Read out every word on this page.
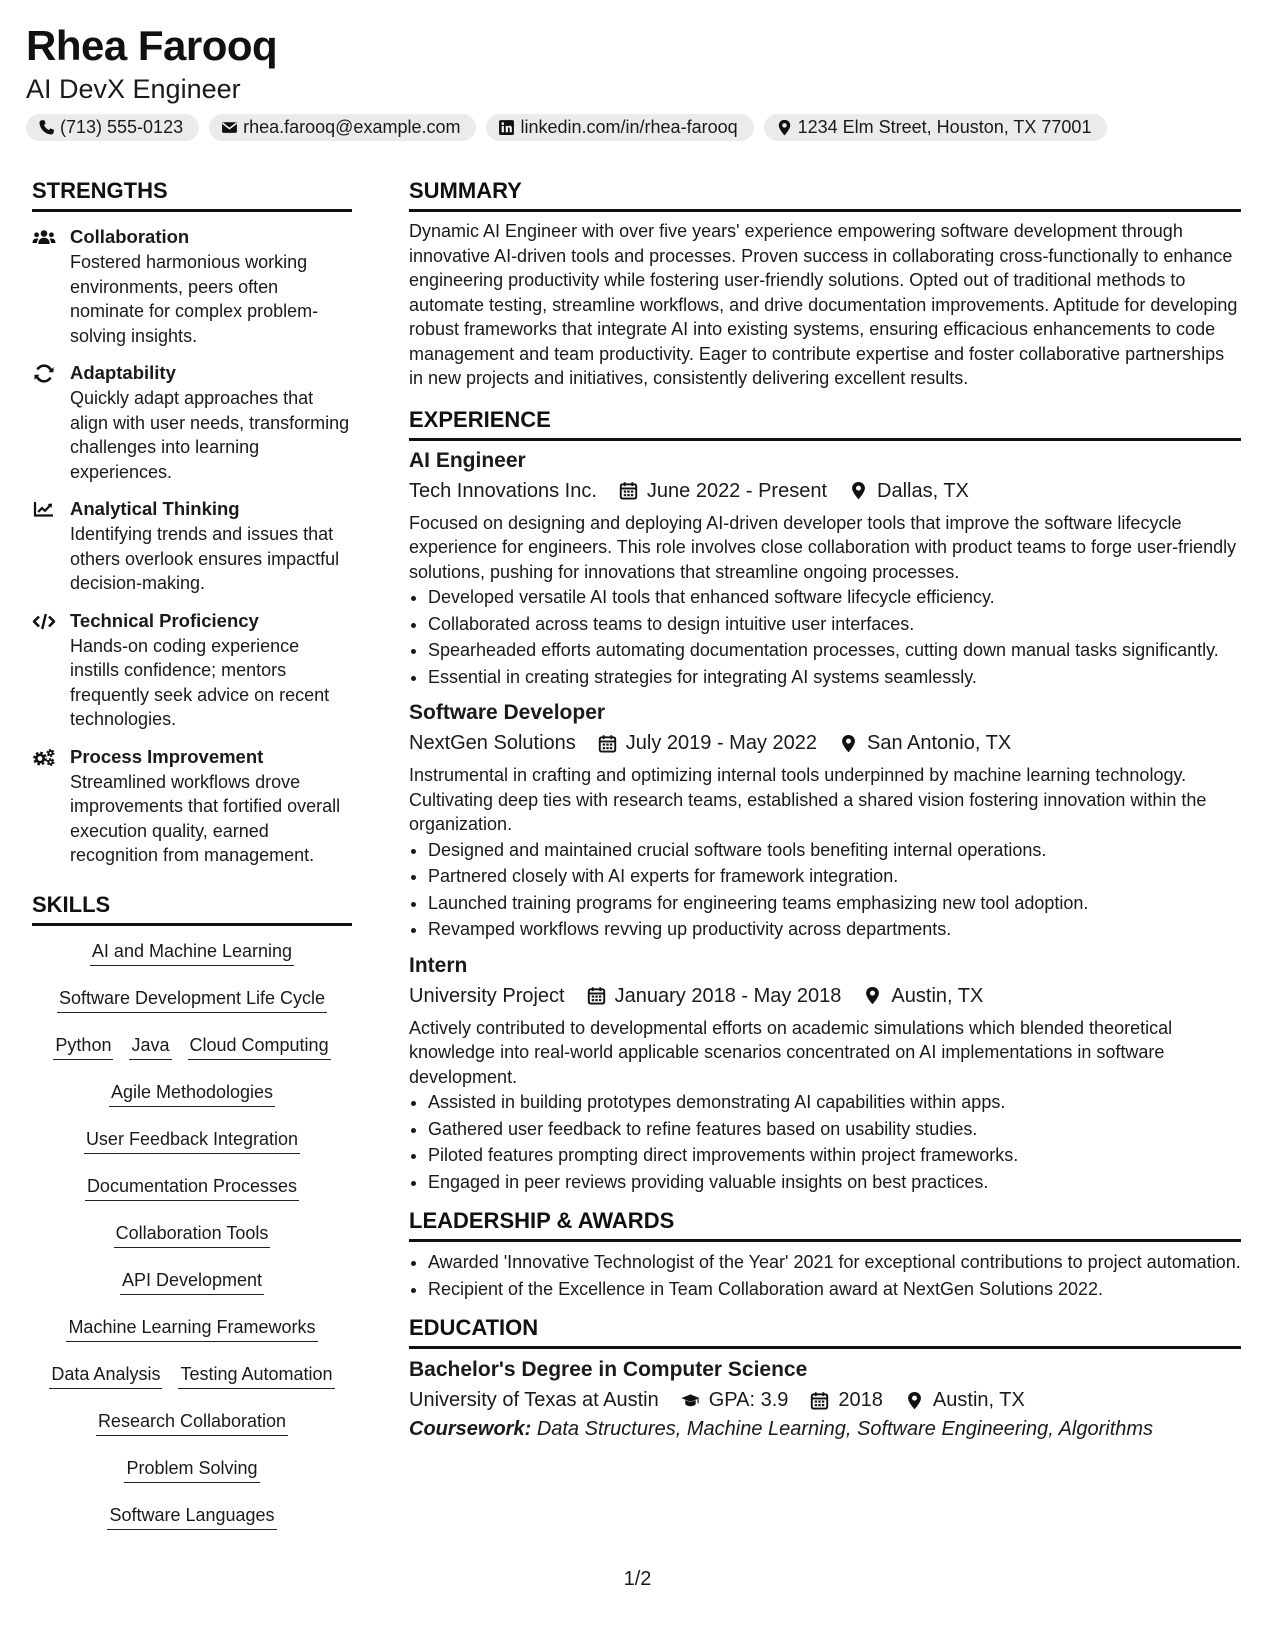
Rhea Farooq
AI DevX Engineer
(713) 555-0123	rhea.farooq@example.com	linkedin.com/in/rhea-farooq	1234 Elm Street, Houston, TX 77001
STRENGTHS
Collaboration
Fostered harmonious working environments, peers often nominate for complex problem-solving insights.
Adaptability
Quickly adapt approaches that align with user needs, transforming challenges into learning experiences.
Analytical Thinking
Identifying trends and issues that others overlook ensures impactful decision-making.
Technical Proficiency
Hands-on coding experience instills confidence; mentors frequently seek advice on recent technologies.
Process Improvement
Streamlined workflows drove improvements that fortified overall execution quality, earned recognition from management.
SKILLS
AI and Machine Learning
Software Development Life Cycle
Python Java Cloud Computing
Agile Methodologies
User Feedback Integration
Documentation Processes
Collaboration Tools
API Development
Machine Learning Frameworks
Data Analysis Testing Automation
Research Collaboration
Problem Solving
Software Languages
SUMMARY
Dynamic AI Engineer with over five years' experience empowering software development through innovative AI-driven tools and processes. Proven success in collaborating cross-functionally to enhance engineering productivity while fostering user-friendly solutions. Opted out of traditional methods to automate testing, streamline workflows, and drive documentation improvements. Aptitude for developing robust frameworks that integrate AI into existing systems, ensuring efficacious enhancements to code management and team productivity. Eager to contribute expertise and foster collaborative partnerships in new projects and initiatives, consistently delivering excellent results.
EXPERIENCE
AI Engineer
Tech Innovations Inc.	June 2022 - Present	Dallas, TX
Focused on designing and deploying AI-driven developer tools that improve the software lifecycle experience for engineers. This role involves close collaboration with product teams to forge user-friendly solutions, pushing for innovations that streamline ongoing processes.
• Developed versatile AI tools that enhanced software lifecycle efficiency.
• Collaborated across teams to design intuitive user interfaces.
• Spearheaded efforts automating documentation processes, cutting down manual tasks significantly.
• Essential in creating strategies for integrating AI systems seamlessly.
Software Developer
NextGen Solutions	July 2019 - May 2022	San Antonio, TX
Instrumental in crafting and optimizing internal tools underpinned by machine learning technology. Cultivating deep ties with research teams, established a shared vision fostering innovation within the organization.
• Designed and maintained crucial software tools benefiting internal operations.
• Partnered closely with AI experts for framework integration.
• Launched training programs for engineering teams emphasizing new tool adoption.
• Revamped workflows revving up productivity across departments.
Intern
University Project	January 2018 - May 2018	Austin, TX
Actively contributed to developmental efforts on academic simulations which blended theoretical knowledge into real-world applicable scenarios concentrated on AI implementations in software development.
• Assisted in building prototypes demonstrating AI capabilities within apps.
• Gathered user feedback to refine features based on usability studies.
• Piloted features prompting direct improvements within project frameworks.
• Engaged in peer reviews providing valuable insights on best practices.
LEADERSHIP & AWARDS
• Awarded 'Innovative Technologist of the Year' 2021 for exceptional contributions to project automation.
• Recipient of the Excellence in Team Collaboration award at NextGen Solutions 2022.
EDUCATION
Bachelor's Degree in Computer Science
University of Texas at Austin	GPA: 3.9	2018	Austin, TX
Coursework: Data Structures, Machine Learning, Software Engineering, Algorithms
1/2
